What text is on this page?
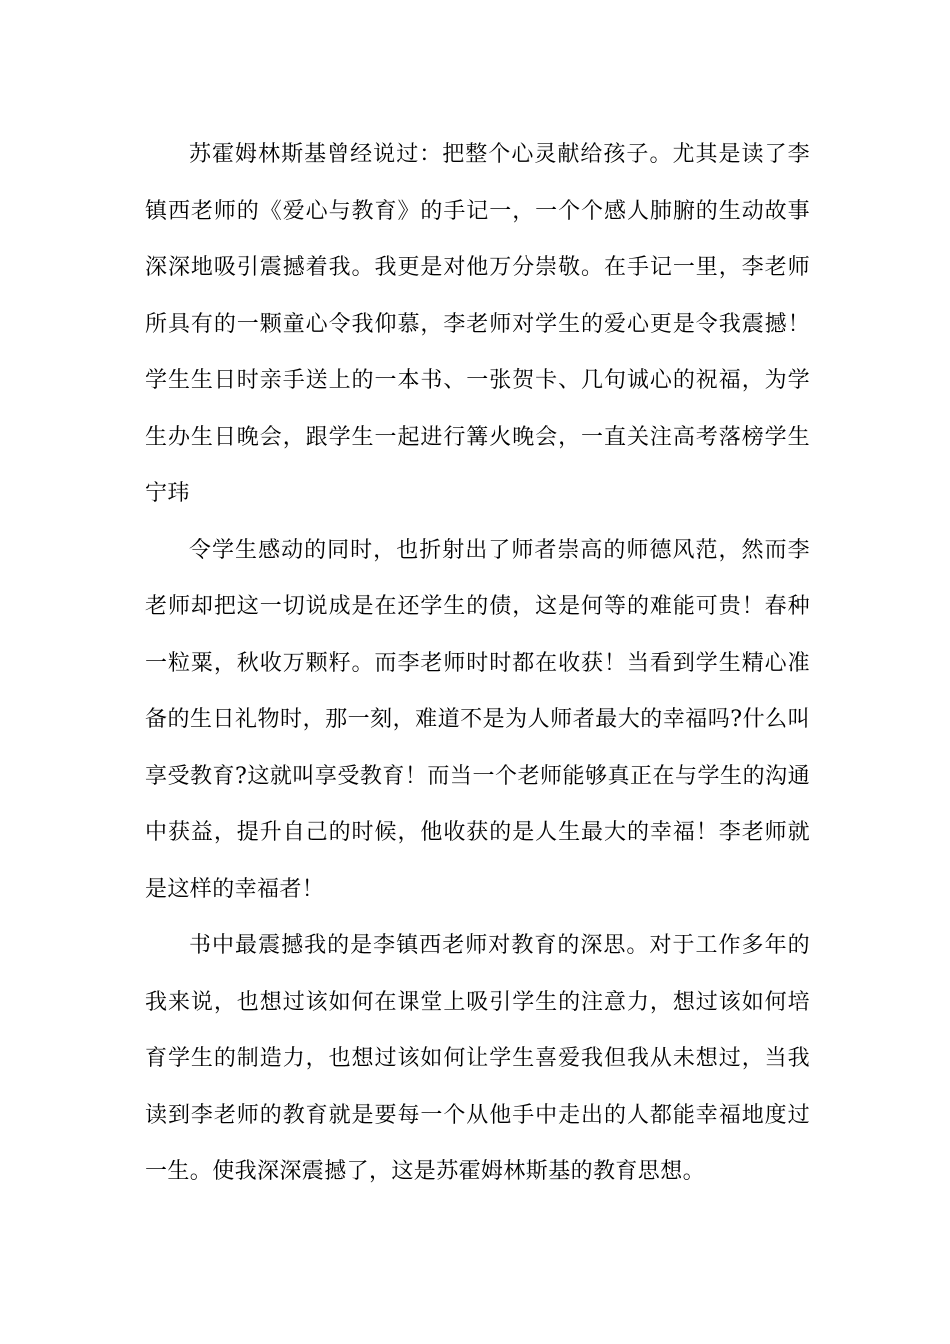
苏霍姆林斯基曾经说过：把整个心灵献给孩子。尤其是读了李镇西老师的《爱心与教育》的手记一，一个个感人肺腑的生动故事深深地吸引震撼着我。我更是对他万分崇敬。在手记一里，李老师所具有的一颗童心令我仰慕，李老师对学生的爱心更是令我震撼！学生生日时亲手送上的一本书、一张贺卡、几句诚心的祝福，为学生办生日晚会，跟学生一起进行篝火晚会，一直关注高考落榜学生宁玮

令学生感动的同时，也折射出了师者崇高的师德风范，然而李老师却把这一切说成是在还学生的债，这是何等的难能可贵！春种一粒粟，秋收万颗籽。而李老师时时都在收获！当看到学生精心准备的生日礼物时，那一刻，难道不是为人师者最大的幸福吗?什么叫享受教育?这就叫享受教育！而当一个老师能够真正在与学生的沟通中获益，提升自己的时候，他收获的是人生最大的幸福！李老师就是这样的幸福者！

书中最震撼我的是李镇西老师对教育的深思。对于工作多年的我来说，也想过该如何在课堂上吸引学生的注意力，想过该如何培育学生的制造力，也想过该如何让学生喜爱我但我从未想过，当我读到李老师的教育就是要每一个从他手中走出的人都能幸福地度过一生。使我深深震撼了，这是苏霍姆林斯基的教育思想。
